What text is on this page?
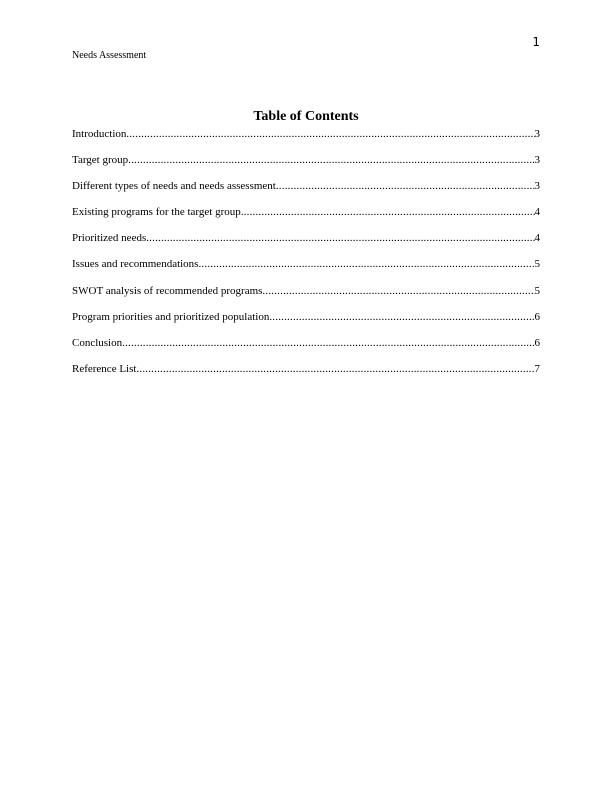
1
Needs Assessment
Table of Contents
Introduction .....	3
Target group .....	3
Different types of needs and needs assessment .....	3
Existing programs for the target group .....	4
Prioritized needs .....	4
Issues and recommendations .....	5
SWOT analysis of recommended programs .....	5
Program priorities and prioritized population .....	6
Conclusion .....	6
Reference List .....	7
